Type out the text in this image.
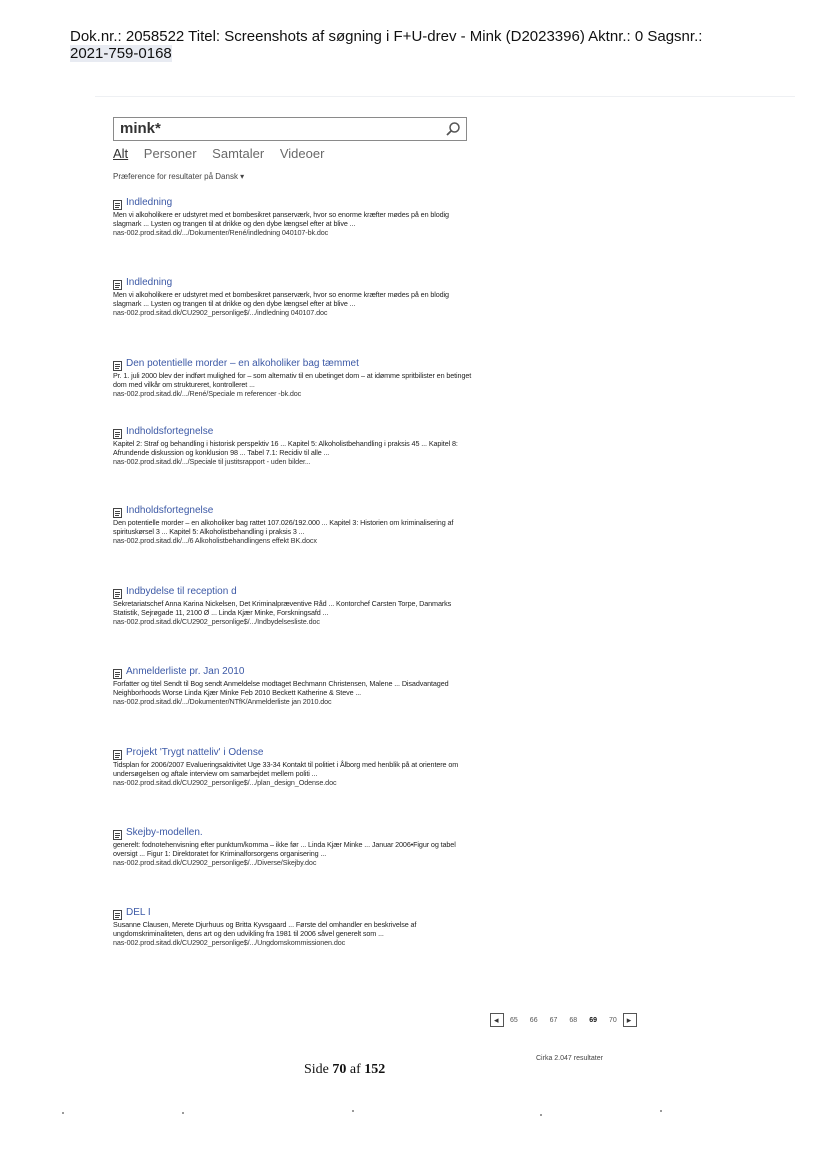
Dok.nr.: 2058522 Titel: Screenshots af søgning i F+U-drev - Mink (D2023396) Aktnr.: 0 Sagsnr.:
2021-759-0168
mink*
Alt Personer Samtaler Videoer
Præference for resultater på Dansk ▾
Indledning
Men vi alkoholikere er udstyret med et bombesikret panserværk, hvor so enorme kræfter mødes på en blodig slagmark ... Lysten og trangen til at drikke og den dybe længsel efter at blive ...
nas-002.prod.sitad.dk/.../Dokumenter/René/indledning 040107-bk.doc
Indledning
Men vi alkoholikere er udstyret med et bombesikret panserværk, hvor so enorme kræfter mødes på en blodig slagmark ... Lysten og trangen til at drikke og den dybe længsel efter at blive ...
nas-002.prod.sitad.dk/CU2902_personlige$/.../indledning 040107.doc
Den potentielle morder – en alkoholiker bag tæmmet
Pr. 1. juli 2000 blev der indført mulighed for – som alternativ til en ubetinget dom – at idømme spritbilister en betinget dom med vilkår om struktureret, kontrolleret ...
nas-002.prod.sitad.dk/.../René/Speciale m referencer -bk.doc
Indholdsfortegnelse
Kapitel 2: Straf og behandling i historisk perspektiv 16 ... Kapitel 5: Alkoholistbehandling i praksis 45 ... Kapitel 8: Afrundende diskussion og konklusion 98 ... Tabel 7.1: Recidiv til alle ...
nas-002.prod.sitad.dk/.../Speciale til justitsrapport - uden bilder...
Indholdsfortegnelse
Den potentielle morder – en alkoholiker bag rattet 107.026/192.000 ... Kapitel 3: Historien om kriminalisering af spirituskørsel 3 ... Kapitel 5: Alkoholistbehandling i praksis 3 ...
nas-002.prod.sitad.dk/.../6 Alkoholistbehandlingens effekt BK.docx
Indbydelse til reception d
Sekretariatschef Anna Karina Nickelsen, Det Kriminalpræventive Råd ... Kontorchef Carsten Torpe, Danmarks Statistik, Sejrøgade 11, 2100 Ø ... Linda Kjær Minke, Forskningsafd ...
nas-002.prod.sitad.dk/CU2902_personlige$/.../Indbydelsesliste.doc
Anmelderliste pr. Jan 2010
Forfatter og titel Sendt til Bog sendt Anmeldelse modtaget Bechmann Christensen, Malene ... Disadvantaged Neighborhoods Worse Linda Kjær Minke Feb 2010 Beckett Katherine & Steve ...
nas-002.prod.sitad.dk/.../Dokumenter/NTfK/Anmelderliste jan 2010.doc
Projekt 'Trygt natteliv' i Odense
Tidsplan for 2006/2007 Evalueringsaktivitet Uge 33-34 Kontakt til politiet i Ålborg med henblik på at orientere om undersøgelsen og aftale interview om samarbejdet mellem politi ...
nas-002.prod.sitad.dk/CU2902_personlige$/.../plan_design_Odense.doc
Skejby-modellen.
generelt: fodnotehenvisning efter punktum/komma – ikke før ... Linda Kjær Minke ... Januar 2006•Figur og tabel oversigt ... Figur 1: Direktoratet for Kriminalforsorgens organisering ...
nas-002.prod.sitad.dk/CU2902_personlige$/.../Diverse/Skejby.doc
DEL I
Susanne Clausen, Merete Djurhuus og Britta Kyvsgaard ... Første del omhandler en beskrivelse af ungdomskriminaliteten, dens art og den udvikling fra 1981 til 2006 såvel generelt som ...
nas-002.prod.sitad.dk/CU2902_personlige$/.../Ungdomskommissionen.doc
◂ 65 66 67 68 69 70 ▸
Cirka 2.047 resultater
Side 70 af 152
